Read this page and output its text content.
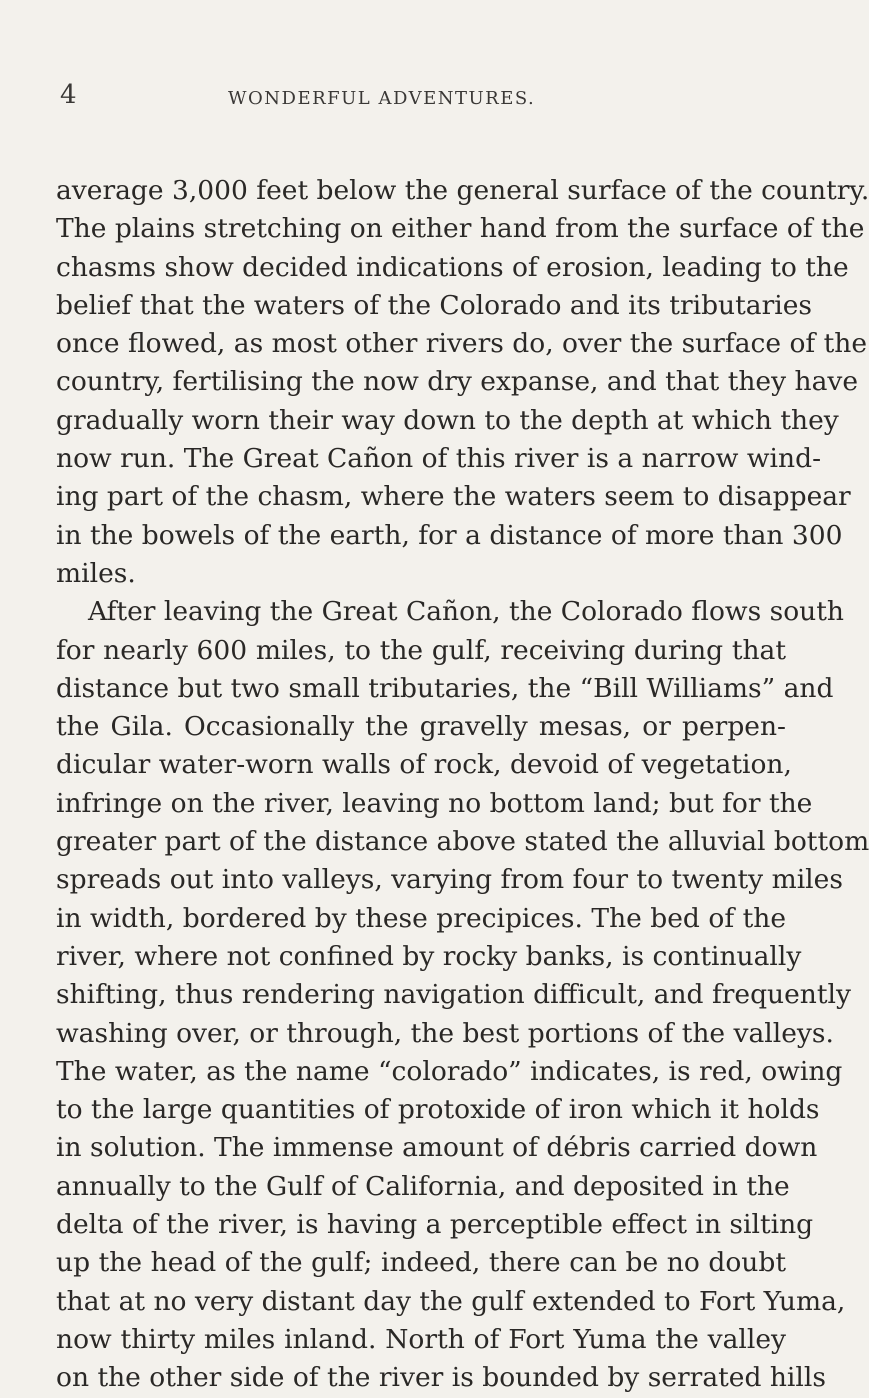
4	WONDERFUL ADVENTURES.
average 3,000 feet below the general surface of the country.
The plains stretching on either hand from the surface of the
chasms show decided indications of erosion, leading to the
belief that the waters of the Colorado and its tributaries
once flowed, as most other rivers do, over the surface of the
country, fertilising the now dry expanse, and that they have
gradually worn their way down to the depth at which they
now run. The Great Cañon of this river is a narrow wind-
ing part of the chasm, where the waters seem to disappear
in the bowels of the earth, for a distance of more than 300
miles.
After leaving the Great Cañon, the Colorado flows south
for nearly 600 miles, to the gulf, receiving during that
distance but two small tributaries, the “Bill Williams” and
the Gila. Occasionally the gravelly mesas, or perpen-
dicular water-worn walls of rock, devoid of vegetation,
infringe on the river, leaving no bottom land; but for the
greater part of the distance above stated the alluvial bottom
spreads out into valleys, varying from four to twenty miles
in width, bordered by these precipices. The bed of the
river, where not confined by rocky banks, is continually
shifting, thus rendering navigation difficult, and frequently
washing over, or through, the best portions of the valleys.
The water, as the name “colorado” indicates, is red, owing
to the large quantities of protoxide of iron which it holds
in solution. The immense amount of débris carried down
annually to the Gulf of California, and deposited in the
delta of the river, is having a perceptible effect in silting
up the head of the gulf; indeed, there can be no doubt
that at no very distant day the gulf extended to Fort Yuma,
now thirty miles inland. North of Fort Yuma the valley
on the other side of the river is bounded by serrated hills
